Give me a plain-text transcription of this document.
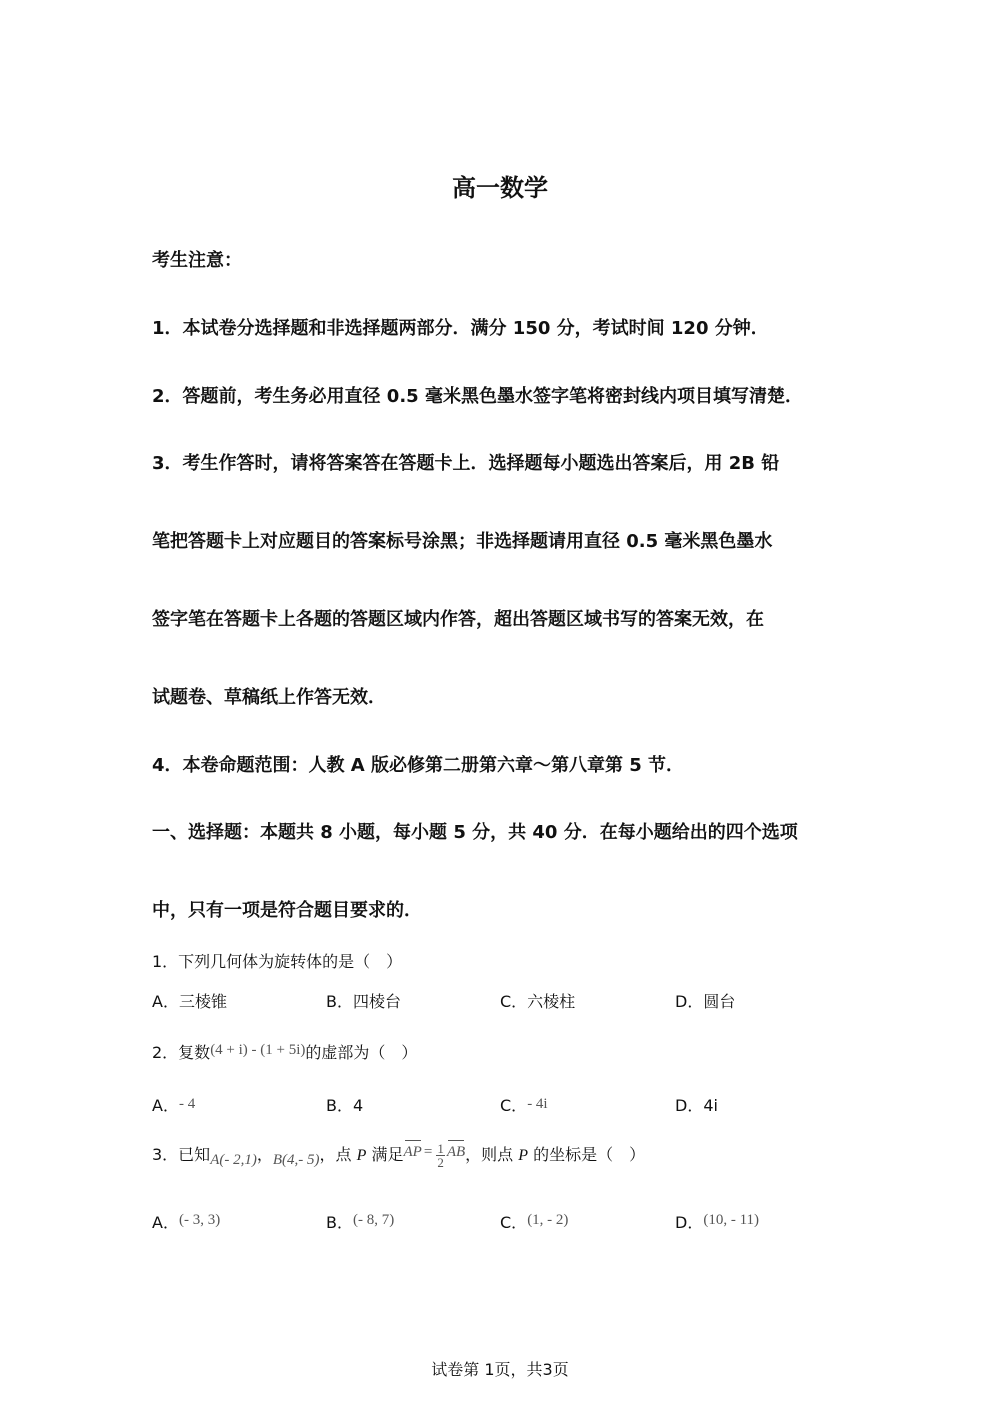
高一数学
考生注意：
1．本试卷分选择题和非选择题两部分．满分 150 分，考试时间 120 分钟．
2．答题前，考生务必用直径 0.5 毫米黑色墨水签字笔将密封线内项目填写清楚．
3．考生作答时，请将答案答在答题卡上．选择题每小题选出答案后，用 2B 铅
笔把答题卡上对应题目的答案标号涂黑；非选择题请用直径 0.5 毫米黑色墨水
签字笔在答题卡上各题的答题区域内作答，超出答题区域书写的答案无效，在
试题卷、草稿纸上作答无效．
4．本卷命题范围：人教 A 版必修第二册第六章～第八章第 5 节．
一、选择题：本题共 8 小题，每小题 5 分，共 40 分．在每小题给出的四个选项
中，只有一项是符合题目要求的．
1．下列几何体为旋转体的是（　）
A．三棱锥	B．四棱台	C．六棱柱	D．圆台
2．复数(4 + i) - (1 + 5i)的虚部为（　）
A．- 4	B．4	C．- 4i	D．4i
3．已知A(- 2,1)，B(4,- 5)，点 P 满足AP = $\frac{1}{2}$ AB，则点 P 的坐标是（　）
A．(- 3, 3)	B．(- 8, 7)	C．(1, - 2)	D．(10, - 11)
试卷第 1页，共3页
